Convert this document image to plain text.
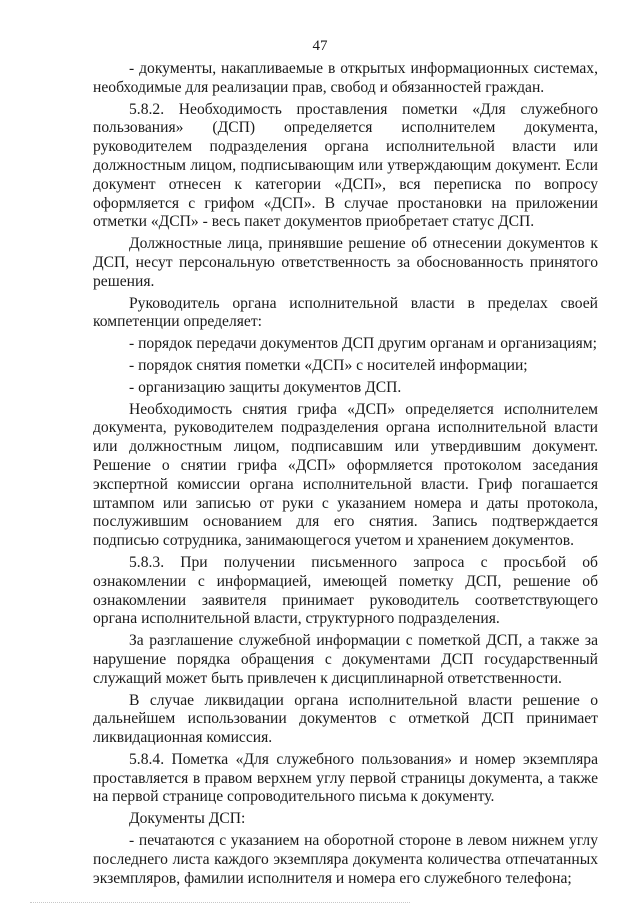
47

- документы, накапливаемые в открытых информационных системах, необходимые для реализации прав, свобод и обязанностей граждан.

5.8.2. Необходимость проставления пометки «Для служебного пользования» (ДСП) определяется исполнителем документа, руководителем подразделения органа исполнительной власти или должностным лицом, подписывающим или утверждающим документ. Если документ отнесен к категории «ДСП», вся переписка по вопросу оформляется с грифом «ДСП». В случае простановки на приложении отметки «ДСП» - весь пакет документов приобретает статус ДСП.

Должностные лица, принявшие решение об отнесении документов к ДСП, несут персональную ответственность за обоснованность принятого решения.

Руководитель органа исполнительной власти в пределах своей компетенции определяет:

- порядок передачи документов ДСП другим органам и организациям;

- порядок снятия пометки «ДСП» с носителей информации;

- организацию защиты документов ДСП.

Необходимость снятия грифа «ДСП» определяется исполнителем документа, руководителем подразделения органа исполнительной власти или должностным лицом, подписавшим или утвердившим документ. Решение о снятии грифа «ДСП» оформляется протоколом заседания экспертной комиссии органа исполнительной власти. Гриф погашается штампом или записью от руки с указанием номера и даты протокола, послужившим основанием для его снятия. Запись подтверждается подписью сотрудника, занимающегося учетом и хранением документов.

5.8.3. При получении письменного запроса с просьбой об ознакомлении с информацией, имеющей пометку ДСП, решение об ознакомлении заявителя принимает руководитель соответствующего органа исполнительной власти, структурного подразделения.

За разглашение служебной информации с пометкой ДСП, а также за нарушение порядка обращения с документами ДСП государственный служащий может быть привлечен к дисциплинарной ответственности.

В случае ликвидации органа исполнительной власти решение о дальнейшем использовании документов с отметкой ДСП принимает ликвидационная комиссия.

5.8.4. Пометка «Для служебного пользования» и номер экземпляра проставляется в правом верхнем углу первой страницы документа, а также на первой странице сопроводительного письма к документу.

Документы ДСП:

- печатаются с указанием на оборотной стороне в левом нижнем углу последнего листа каждого экземпляра документа количества отпечатанных экземпляров, фамилии исполнителя и номера его служебного телефона;
